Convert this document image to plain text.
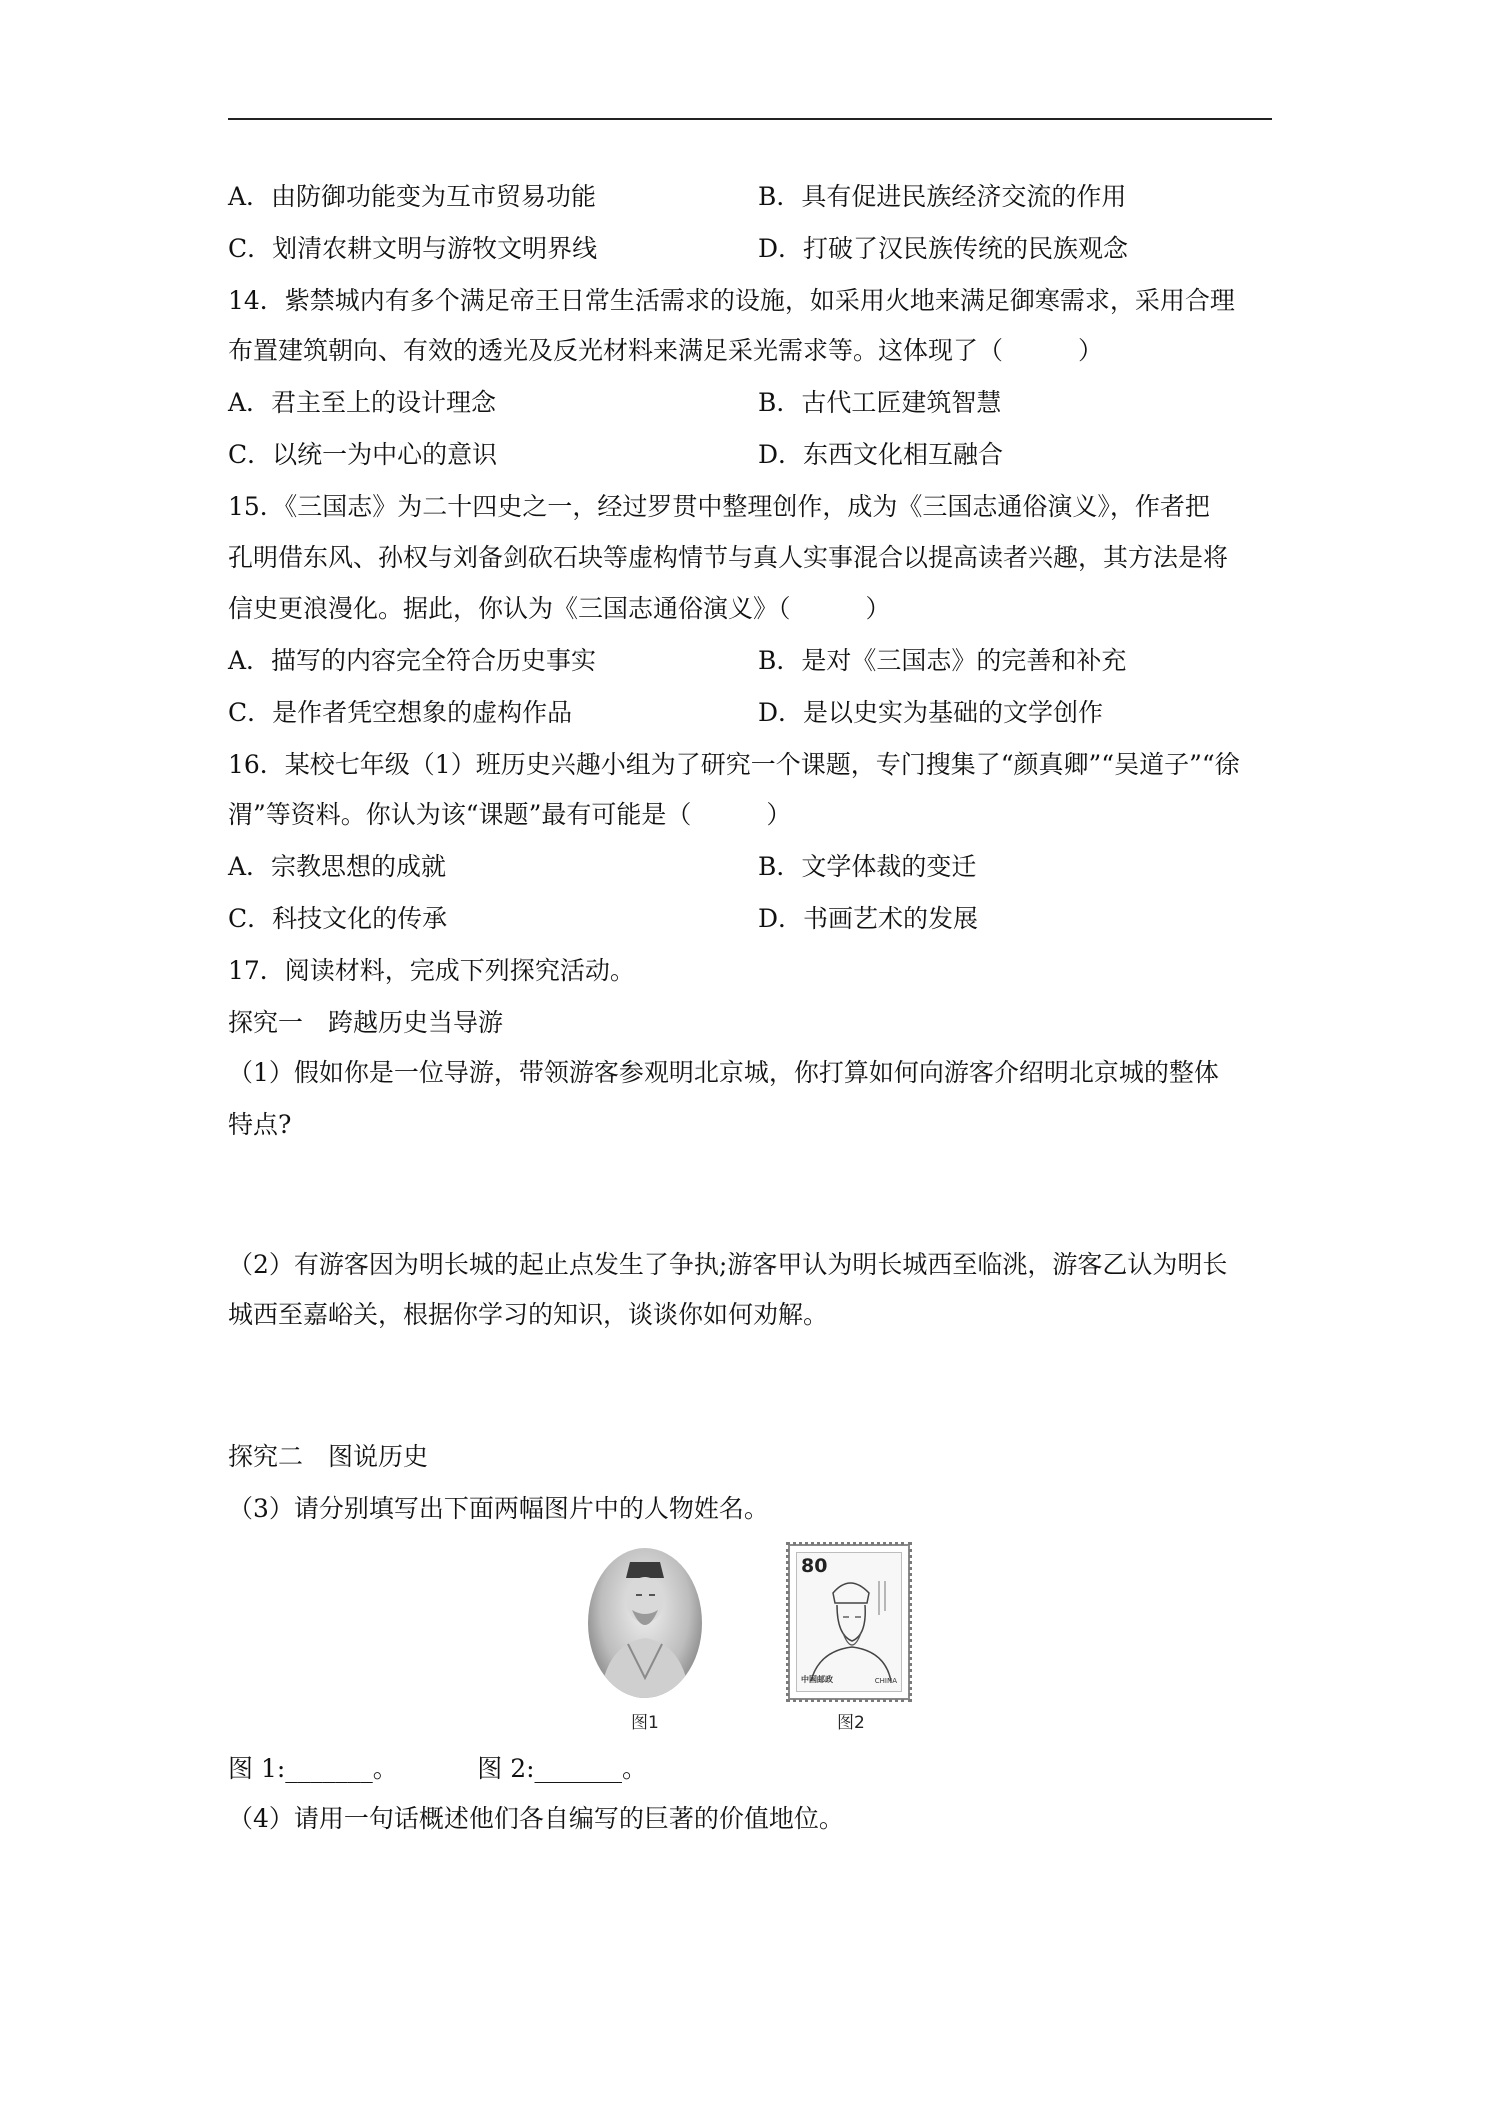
A．由防御功能变为互市贸易功能	B．具有促进民族经济交流的作用
C．划清农耕文明与游牧文明界线	D．打破了汉民族传统的民族观念
14．紫禁城内有多个满足帝王日常生活需求的设施，如采用火地来满足御寒需求，采用合理
布置建筑朝向、有效的透光及反光材料来满足采光需求等。这体现了（　　　）
A．君主至上的设计理念	B．古代工匠建筑智慧
C．以统一为中心的意识	D．东西文化相互融合
15．《三国志》为二十四史之一，经过罗贯中整理创作，成为《三国志通俗演义》，作者把
孔明借东风、孙权与刘备剑砍石块等虚构情节与真人实事混合以提高读者兴趣，其方法是将
信史更浪漫化。据此，你认为《三国志通俗演义》（　　　）
A．描写的内容完全符合历史事实	B．是对《三国志》的完善和补充
C．是作者凭空想象的虚构作品	D．是以史实为基础的文学创作
16．某校七年级（1）班历史兴趣小组为了研究一个课题，专门搜集了“颜真卿”“吴道子”“徐
渭”等资料。你认为该“课题”最有可能是（　　　）
A．宗教思想的成就	B．文学体裁的变迁
C．科技文化的传承	D．书画艺术的发展
17．阅读材料，完成下列探究活动。
探究一　跨越历史当导游
（1）假如你是一位导游，带领游客参观明北京城，你打算如何向游客介绍明北京城的整体
特点?
（2）有游客因为明长城的起止点发生了争执;游客甲认为明长城西至临洮，游客乙认为明长
城西至嘉峪关，根据你学习的知识，谈谈你如何劝解。
探究二　图说历史
（3）请分别填写出下面两幅图片中的人物姓名。
80
中国邮政	CHINA
图1	图2
图 1:_______。          图 2:_______。
（4）请用一句话概述他们各自编写的巨著的价值地位。
